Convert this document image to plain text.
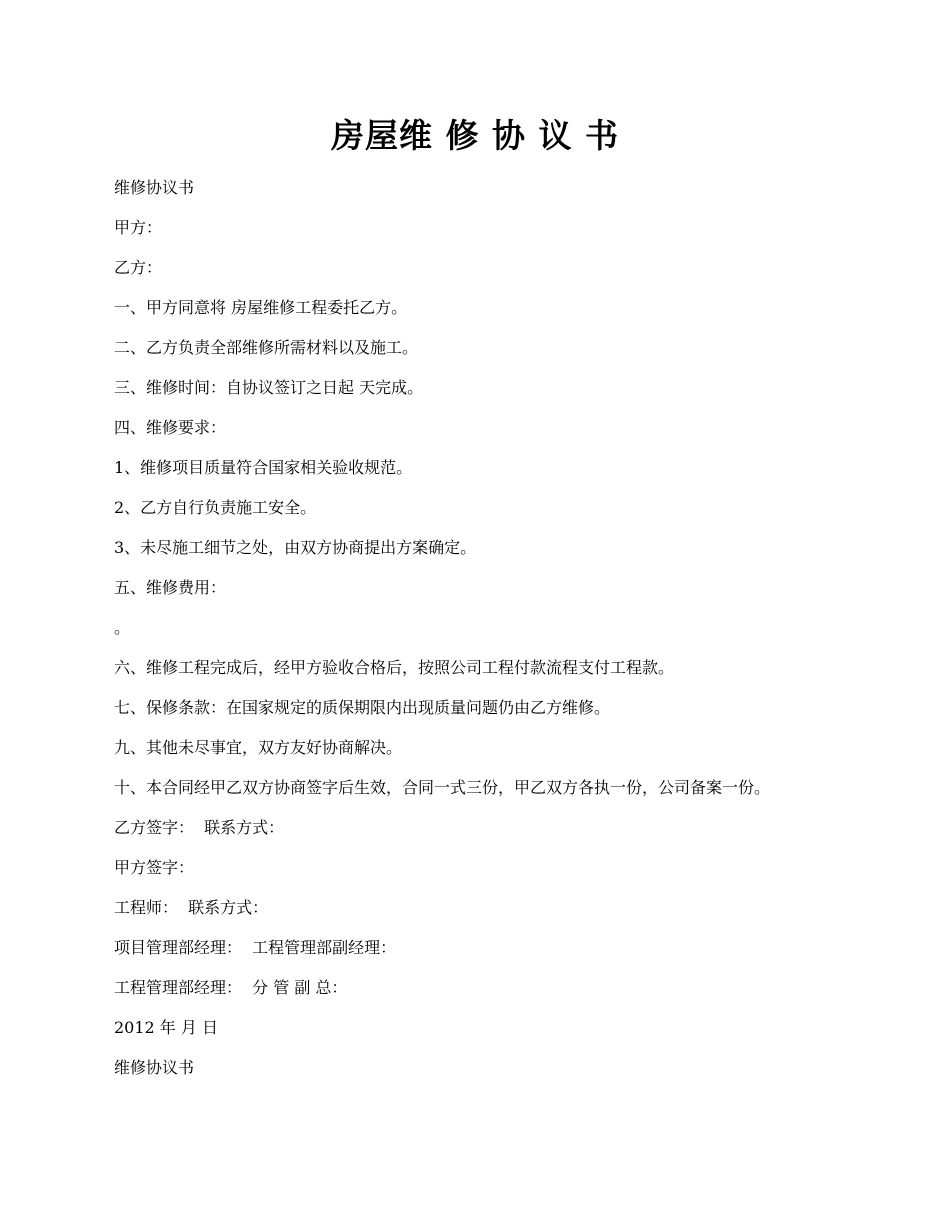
房屋维 修 协 议 书

维修协议书

甲方：

乙方：

一、甲方同意将 房屋维修工程委托乙方。

二、乙方负责全部维修所需材料以及施工。

三、维修时间：自协议签订之日起 天完成。

四、维修要求：

1、维修项目质量符合国家相关验收规范。

2、乙方自行负责施工安全。

3、未尽施工细节之处，由双方协商提出方案确定。

五、维修费用：

。

六、维修工程完成后，经甲方验收合格后，按照公司工程付款流程支付工程款。

七、保修条款：在国家规定的质保期限内出现质量问题仍由乙方维修。

九、其他未尽事宜，双方友好协商解决。

十、本合同经甲乙双方协商签字后生效，合同一式三份，甲乙双方各执一份，公司备案一份。

乙方签字：  联系方式：

甲方签字：

工程师：  联系方式：

项目管理部经理：  工程管理部副经理：

工程管理部经理：  分 管 副 总：

2012 年 月 日

维修协议书
